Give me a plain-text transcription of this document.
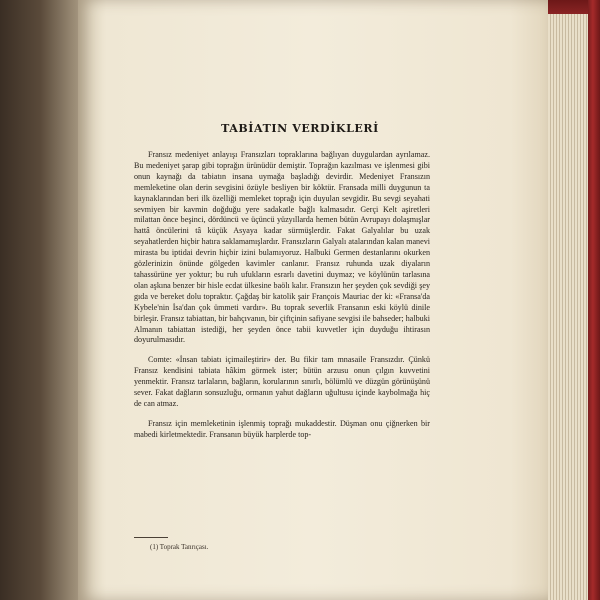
TABİATIN VERDİKLERİ

Fransız medeniyet anlayışı Fransızları topraklarına bağlıyan duygulardan ayrılamaz. Bu medeniyet şarap gibi toprağın ürünüdür demiştir. Toprağın kazılması ve işlenmesi gibi onun kaynağı da tabiatın insana uymağa başladığı devirdir. Medeniyet Fransızın memleketine olan derin sevgisini özüyle besliyen bir köktür. Fransada milli duygunun ta kaynaklarından beri ilk özelliği memleket toprağı için duyulan sevgidir. Bu sevgi seyahati sevmiyen bir kavmin doğduğu yere sadakatle bağlı kalmasıdır. Gerçi Kelt aşiretleri milattan önce beşinci, dördüncü ve üçüncü yüzyıllarda hemen bütün Avrupayı dolaşmışlar hattâ öncülerini tâ küçük Asyaya kadar sürmüşlerdir. Fakat Galyalılar bu uzak seyahatlerden hiçbir hatıra saklamamışlardır. Fransızların Galyalı atalarından kalan manevi mirasta bu iptidai devrin hiçbir izini bulamıyoruz. Halbuki Germen destanlarını okurken gözlerinizin önünde gölgeden kavimler canlanır. Fransız ruhunda uzak diyaların tahassürüne yer yoktur; bu ruh ufukların esrarlı davetini duymaz; ve köylünün tarlasına olan aşkına benzer bir hisle ecdat ülkesine baölı kalır. Fransızın her şeyden çok sevdiği şey gıda ve bereket dolu topraktır. Çağdaş bir katolik şair François Mauriac der ki: «Fransa'da Kybele'nin İsa'dan çok ümmeti vardır». Bu toprak severlik Fransanın eski köylü dinile birleşir. Fransız tabiattan, bir bahçıvanın, bir çiftçinin safiyane sevgisi ile bahseder; halbuki Almanın tabiattan istediği, her şeyden önce tabii kuvvetler için duyduğu ihtirasın doyurulmasıdır.

Comte: «İnsan tabiatı içimaileştirir» der. Bu fikir tam mnasaile Fransızdır. Çünkü Fransız kendisini tabiata hâkim görmek ister; bütün arzusu onun çılgın kuvvetini yenmektir. Fransız tarlaların, bağların, korularının sınırlı, bölümlü ve düzgün görünüşünü sever. Fakat dağların sonsuzluğu, ormanın yahut dağların uğultusu içinde kaybolmağa hiç de can atmaz.

Fransız için memleketinin işlenmiş toprağı mukaddestir. Düşman onu çiğnerken bir mabedi kirletmektedir. Fransanın büyük harplerde top-

(1) Toprak Tanrıçası.
